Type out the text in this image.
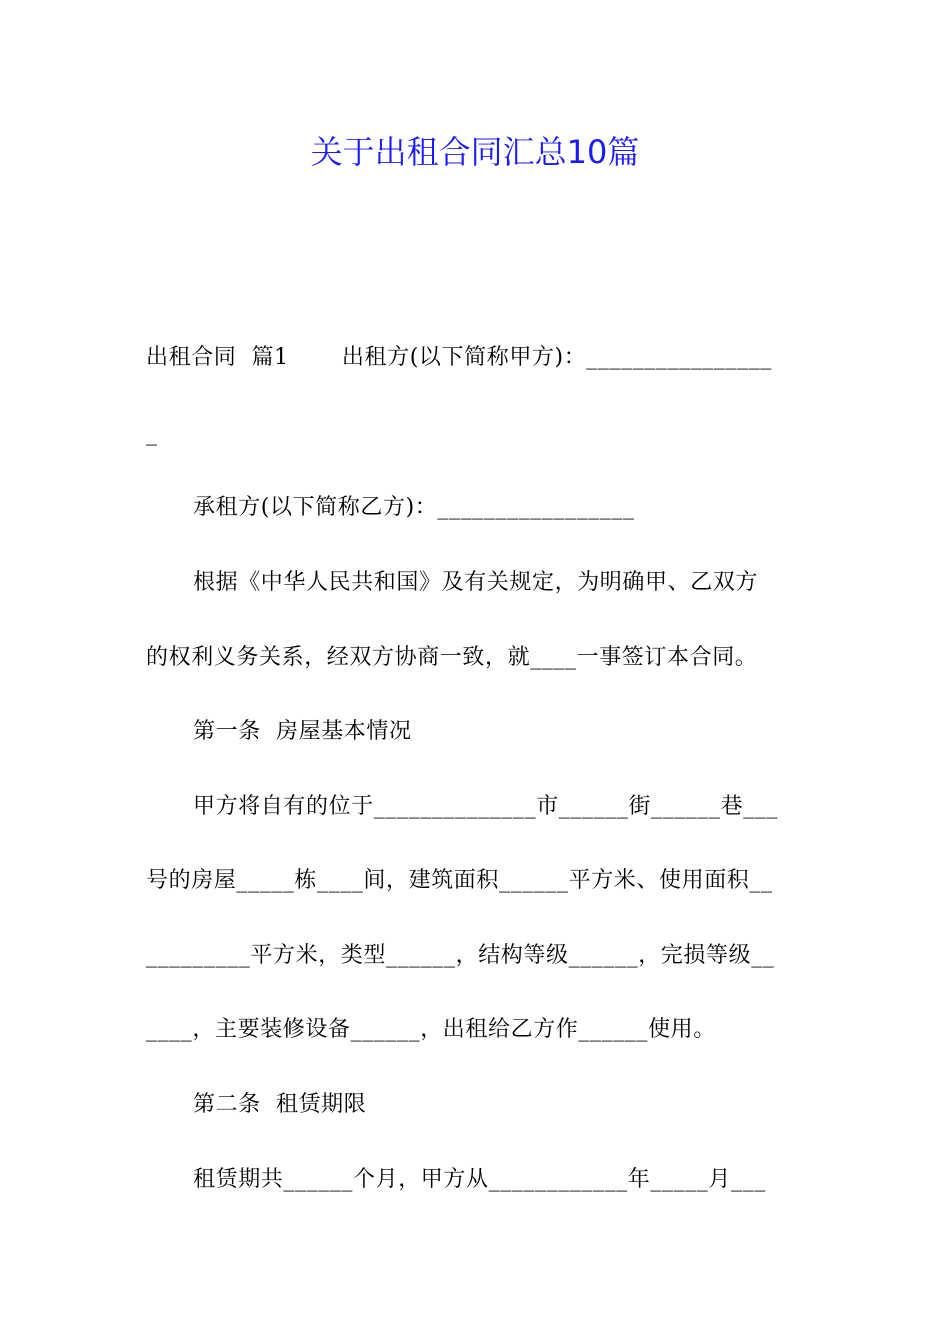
关于出租合同汇总10篇
出租合同  篇1       出租方(以下简称甲方)：________________
_
承租方(以下简称乙方)：_________________
根据《中华人民共和国》及有关规定，为明确甲、乙双方
的权利义务关系，经双方协商一致，就____一事签订本合同。
第一条  房屋基本情况
甲方将自有的位于______________市______街______巷___
号的房屋_____栋____间，建筑面积______平方米、使用面积__
_________平方米，类型______，结构等级______，完损等级__
____，主要装修设备______，出租给乙方作______使用。
第二条  租赁期限
租赁期共______个月，甲方从____________年_____月___
